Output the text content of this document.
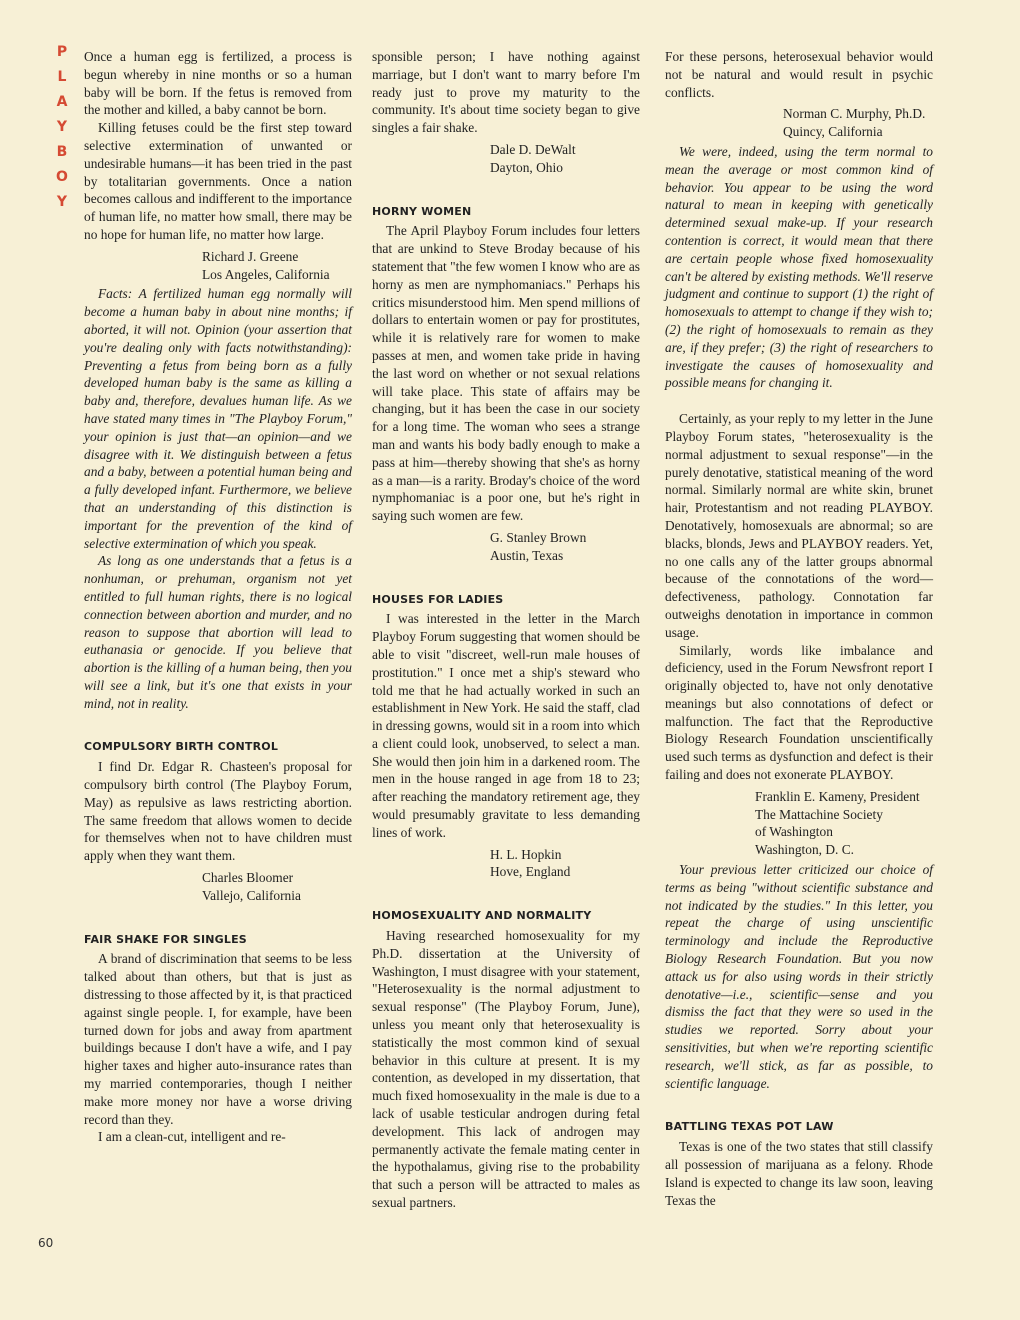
P
L
A
Y
B
O
Y
60

Once a human egg is fertilized, a process is begun whereby in nine months or so a human baby will be born. If the fetus is removed from the mother and killed, a baby cannot be born.

Killing fetuses could be the first step toward selective extermination of unwanted or undesirable humans—it has been tried in the past by totalitarian governments. Once a nation becomes callous and indifferent to the importance of human life, no matter how small, there may be no hope for human life, no matter how large.

Richard J. Greene
Los Angeles, California

Facts: A fertilized human egg normally will become a human baby in about nine months; if aborted, it will not. Opinion (your assertion that you're dealing only with facts notwithstanding): Preventing a fetus from being born as a fully developed human baby is the same as killing a baby and, therefore, devalues human life. As we have stated many times in "The Playboy Forum," your opinion is just that—an opinion—and we disagree with it. We distinguish between a fetus and a baby, between a potential human being and a fully developed infant. Furthermore, we believe that an understanding of this distinction is important for the prevention of the kind of selective extermination of which you speak.

As long as one understands that a fetus is a nonhuman, or prehuman, organism not yet entitled to full human rights, there is no logical connection between abortion and murder, and no reason to suppose that abortion will lead to euthanasia or genocide. If you believe that abortion is the killing of a human being, then you will see a link, but it's one that exists in your mind, not in reality.

COMPULSORY BIRTH CONTROL

I find Dr. Edgar R. Chasteen's proposal for compulsory birth control (The Playboy Forum, May) as repulsive as laws restricting abortion. The same freedom that allows women to decide for themselves when not to have children must apply when they want them.

Charles Bloomer
Vallejo, California
FAIR SHAKE FOR SINGLES

A brand of discrimination that seems to be less talked about than others, but that is just as distressing to those affected by it, is that practiced against single people. I, for example, have been turned down for jobs and away from apartment buildings because I don't have a wife, and I pay higher taxes and higher auto-insurance rates than my married contemporaries, though I neither make more money nor have a worse driving record than they.

I am a clean-cut, intelligent and re-

sponsible person; I have nothing against marriage, but I don't want to marry before I'm ready just to prove my maturity to the community. It's about time society began to give singles a fair shake.

Dale D. DeWalt
Dayton, Ohio
HORNY WOMEN

The April Playboy Forum includes four letters that are unkind to Steve Broday because of his statement that "the few women I know who are as horny as men are nymphomaniacs." Perhaps his critics misunderstood him. Men spend millions of dollars to entertain women or pay for prostitutes, while it is relatively rare for women to make passes at men, and women take pride in having the last word on whether or not sexual relations will take place. This state of affairs may be changing, but it has been the case in our society for a long time. The woman who sees a strange man and wants his body badly enough to make a pass at him—thereby showing that she's as horny as a man—is a rarity. Broday's choice of the word nymphomaniac is a poor one, but he's right in saying such women are few.

G. Stanley Brown
Austin, Texas
HOUSES FOR LADIES

I was interested in the letter in the March Playboy Forum suggesting that women should be able to visit "discreet, well-run male houses of prostitution." I once met a ship's steward who told me that he had actually worked in such an establishment in New York. He said the staff, clad in dressing gowns, would sit in a room into which a client could look, unobserved, to select a man. She would then join him in a darkened room. The men in the house ranged in age from 18 to 23; after reaching the mandatory retirement age, they would presumably gravitate to less demanding lines of work.

H. L. Hopkin
Hove, England
HOMOSEXUALITY AND NORMALITY

Having researched homosexuality for my Ph.D. dissertation at the University of Washington, I must disagree with your statement, "Heterosexuality is the normal adjustment to sexual response" (The Playboy Forum, June), unless you meant only that heterosexuality is statistically the most common kind of sexual behavior in this culture at present. It is my contention, as developed in my dissertation, that much fixed homosexuality in the male is due to a lack of usable testicular androgen during fetal development. This lack of androgen may permanently activate the female mating center in the hypothalamus, giving rise to the probability that such a person will be attracted to males as sexual partners.

For these persons, heterosexual behavior would not be natural and would result in psychic conflicts.

Norman C. Murphy, Ph.D.
Quincy, California

We were, indeed, using the term normal to mean the average or most common kind of behavior. You appear to be using the word natural to mean in keeping with genetically determined sexual make-up. If your research contention is correct, it would mean that there are certain people whose fixed homosexuality can't be altered by existing methods. We'll reserve judgment and continue to support (1) the right of homosexuals to attempt to change if they wish to; (2) the right of homosexuals to remain as they are, if they prefer; (3) the right of researchers to investigate the causes of homosexuality and possible means for changing it.

Certainly, as your reply to my letter in the June Playboy Forum states, "heterosexuality is the normal adjustment to sexual response"—in the purely denotative, statistical meaning of the word normal. Similarly normal are white skin, brunet hair, Protestantism and not reading PLAYBOY. Denotatively, homosexuals are abnormal; so are blacks, blonds, Jews and PLAYBOY readers. Yet, no one calls any of the latter groups abnormal because of the connotations of the word—defectiveness, pathology. Connotation far outweighs denotation in importance in common usage.

Similarly, words like imbalance and deficiency, used in the Forum Newsfront report I originally objected to, have not only denotative meanings but also connotations of defect or malfunction. The fact that the Reproductive Biology Research Foundation unscientifically used such terms as dysfunction and defect is their failing and does not exonerate PLAYBOY.

Franklin E. Kameny, President
The Mattachine Society
of Washington
Washington, D. C.

Your previous letter criticized our choice of terms as being "without scientific substance and not indicated by the studies." In this letter, you repeat the charge of using unscientific terminology and include the Reproductive Biology Research Foundation. But you now attack us for also using words in their strictly denotative—i.e., scientific—sense and you dismiss the fact that they were so used in the studies we reported. Sorry about your sensitivities, but when we're reporting scientific research, we'll stick, as far as possible, to scientific language.

BATTLING TEXAS POT LAW

Texas is one of the two states that still classify all possession of marijuana as a felony. Rhode Island is expected to change its law soon, leaving Texas the
